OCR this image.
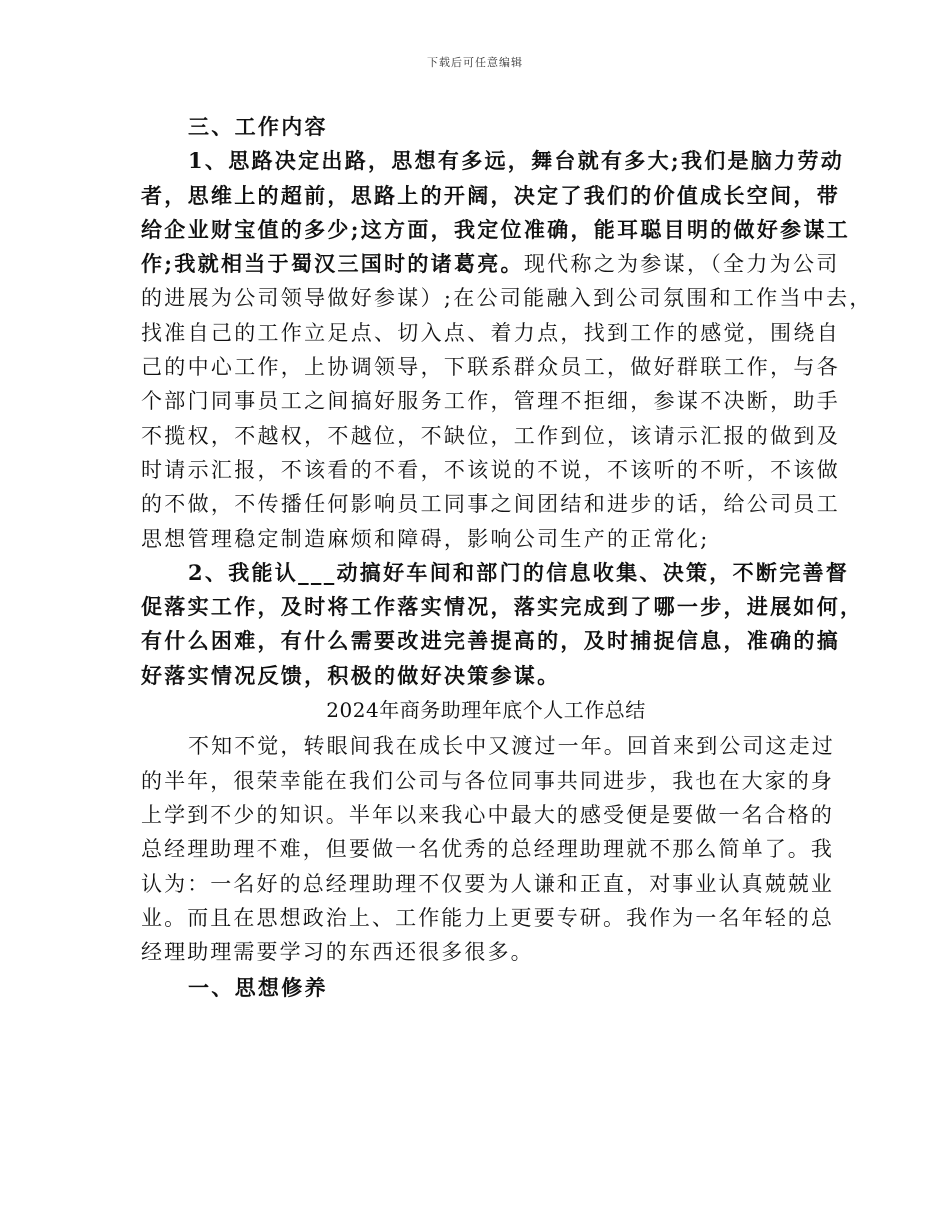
下载后可任意编辑
三、工作内容
1、思路决定出路，思想有多远，舞台就有多大;我们是脑力劳动
者，思维上的超前，思路上的开阔，决定了我们的价值成长空间，带
给企业财宝值的多少;这方面，我定位准确，能耳聪目明的做好参谋工
作;我就相当于蜀汉三国时的诸葛亮。现代称之为参谋，（全力为公司
的进展为公司领导做好参谋）;在公司能融入到公司氛围和工作当中去，
找准自己的工作立足点、切入点、着力点，找到工作的感觉，围绕自
己的中心工作，上协调领导，下联系群众员工，做好群联工作，与各
个部门同事员工之间搞好服务工作，管理不拒细，参谋不决断，助手
不揽权，不越权，不越位，不缺位，工作到位，该请示汇报的做到及
时请示汇报，不该看的不看，不该说的不说，不该听的不听，不该做
的不做，不传播任何影响员工同事之间团结和进步的话，给公司员工
思想管理稳定制造麻烦和障碍，影响公司生产的正常化;
2、我能认___动搞好车间和部门的信息收集、决策，不断完善督
促落实工作，及时将工作落实情况，落实完成到了哪一步，进展如何，
有什么困难，有什么需要改进完善提高的，及时捕捉信息，准确的搞
好落实情况反馈，积极的做好决策参谋。
2024年商务助理年底个人工作总结
不知不觉，转眼间我在成长中又渡过一年。回首来到公司这走过
的半年，很荣幸能在我们公司与各位同事共同进步，我也在大家的身
上学到不少的知识。半年以来我心中最大的感受便是要做一名合格的
总经理助理不难，但要做一名优秀的总经理助理就不那么简单了。我
认为：一名好的总经理助理不仅要为人谦和正直，对事业认真兢兢业
业。而且在思想政治上、工作能力上更要专研。我作为一名年轻的总
经理助理需要学习的东西还很多很多。
一、思想修养
